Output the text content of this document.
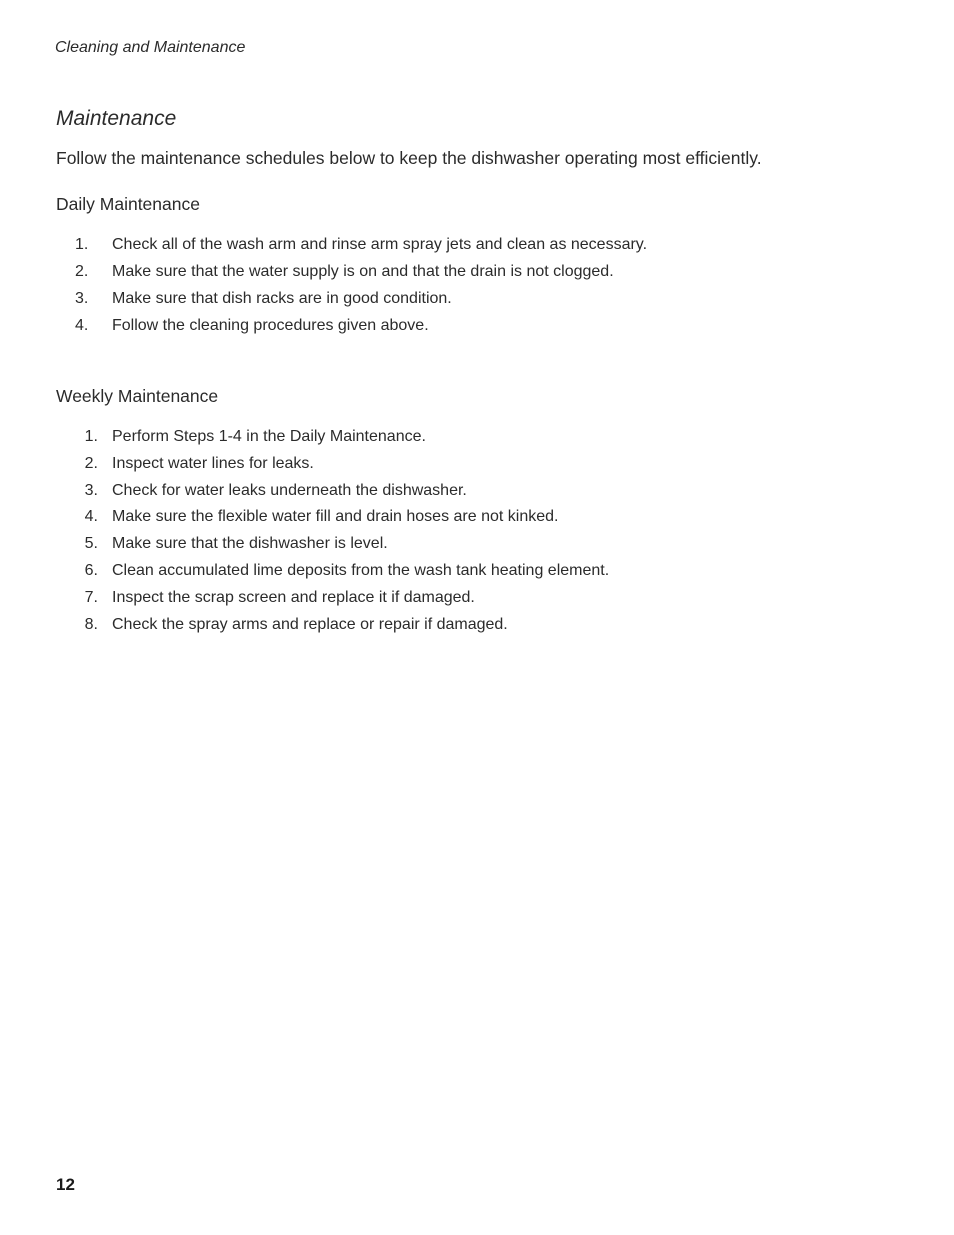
Cleaning and Maintenance
Maintenance
Follow the maintenance schedules below to keep the dishwasher operating most efficiently.
Daily Maintenance
1.	Check all of the wash arm and rinse arm spray jets and clean as necessary.
2.	Make sure that the water supply is on and that the drain is not clogged.
3.	Make sure that dish racks are in good condition.
4.	Follow the cleaning procedures given above.
Weekly Maintenance
1. Perform Steps 1-4 in the Daily Maintenance.
2. Inspect water lines for leaks.
3. Check for water leaks underneath the dishwasher.
4. Make sure the flexible water fill and drain hoses are not kinked.
5. Make sure that the dishwasher is level.
6. Clean accumulated lime deposits from the wash tank heating element.
7. Inspect the scrap screen and replace it if damaged.
8. Check the spray arms and replace or repair if damaged.
12
